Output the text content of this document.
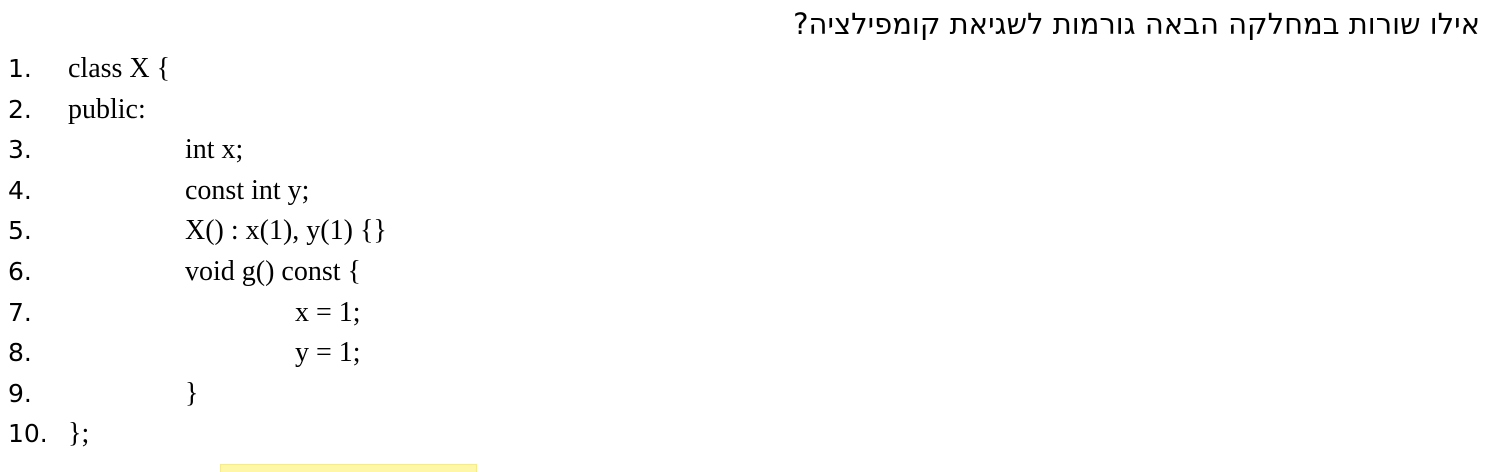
אילו שורות במחלקה הבאה גורמות לשגיאת קומפילציה?
1. class X {
2. public:
3.	int x;
4.	const int y;
5.	X() : x(1), y(1) {}
6.	void g() const {
7.	x = 1;
8.	y = 1;
9.	}
10. };
